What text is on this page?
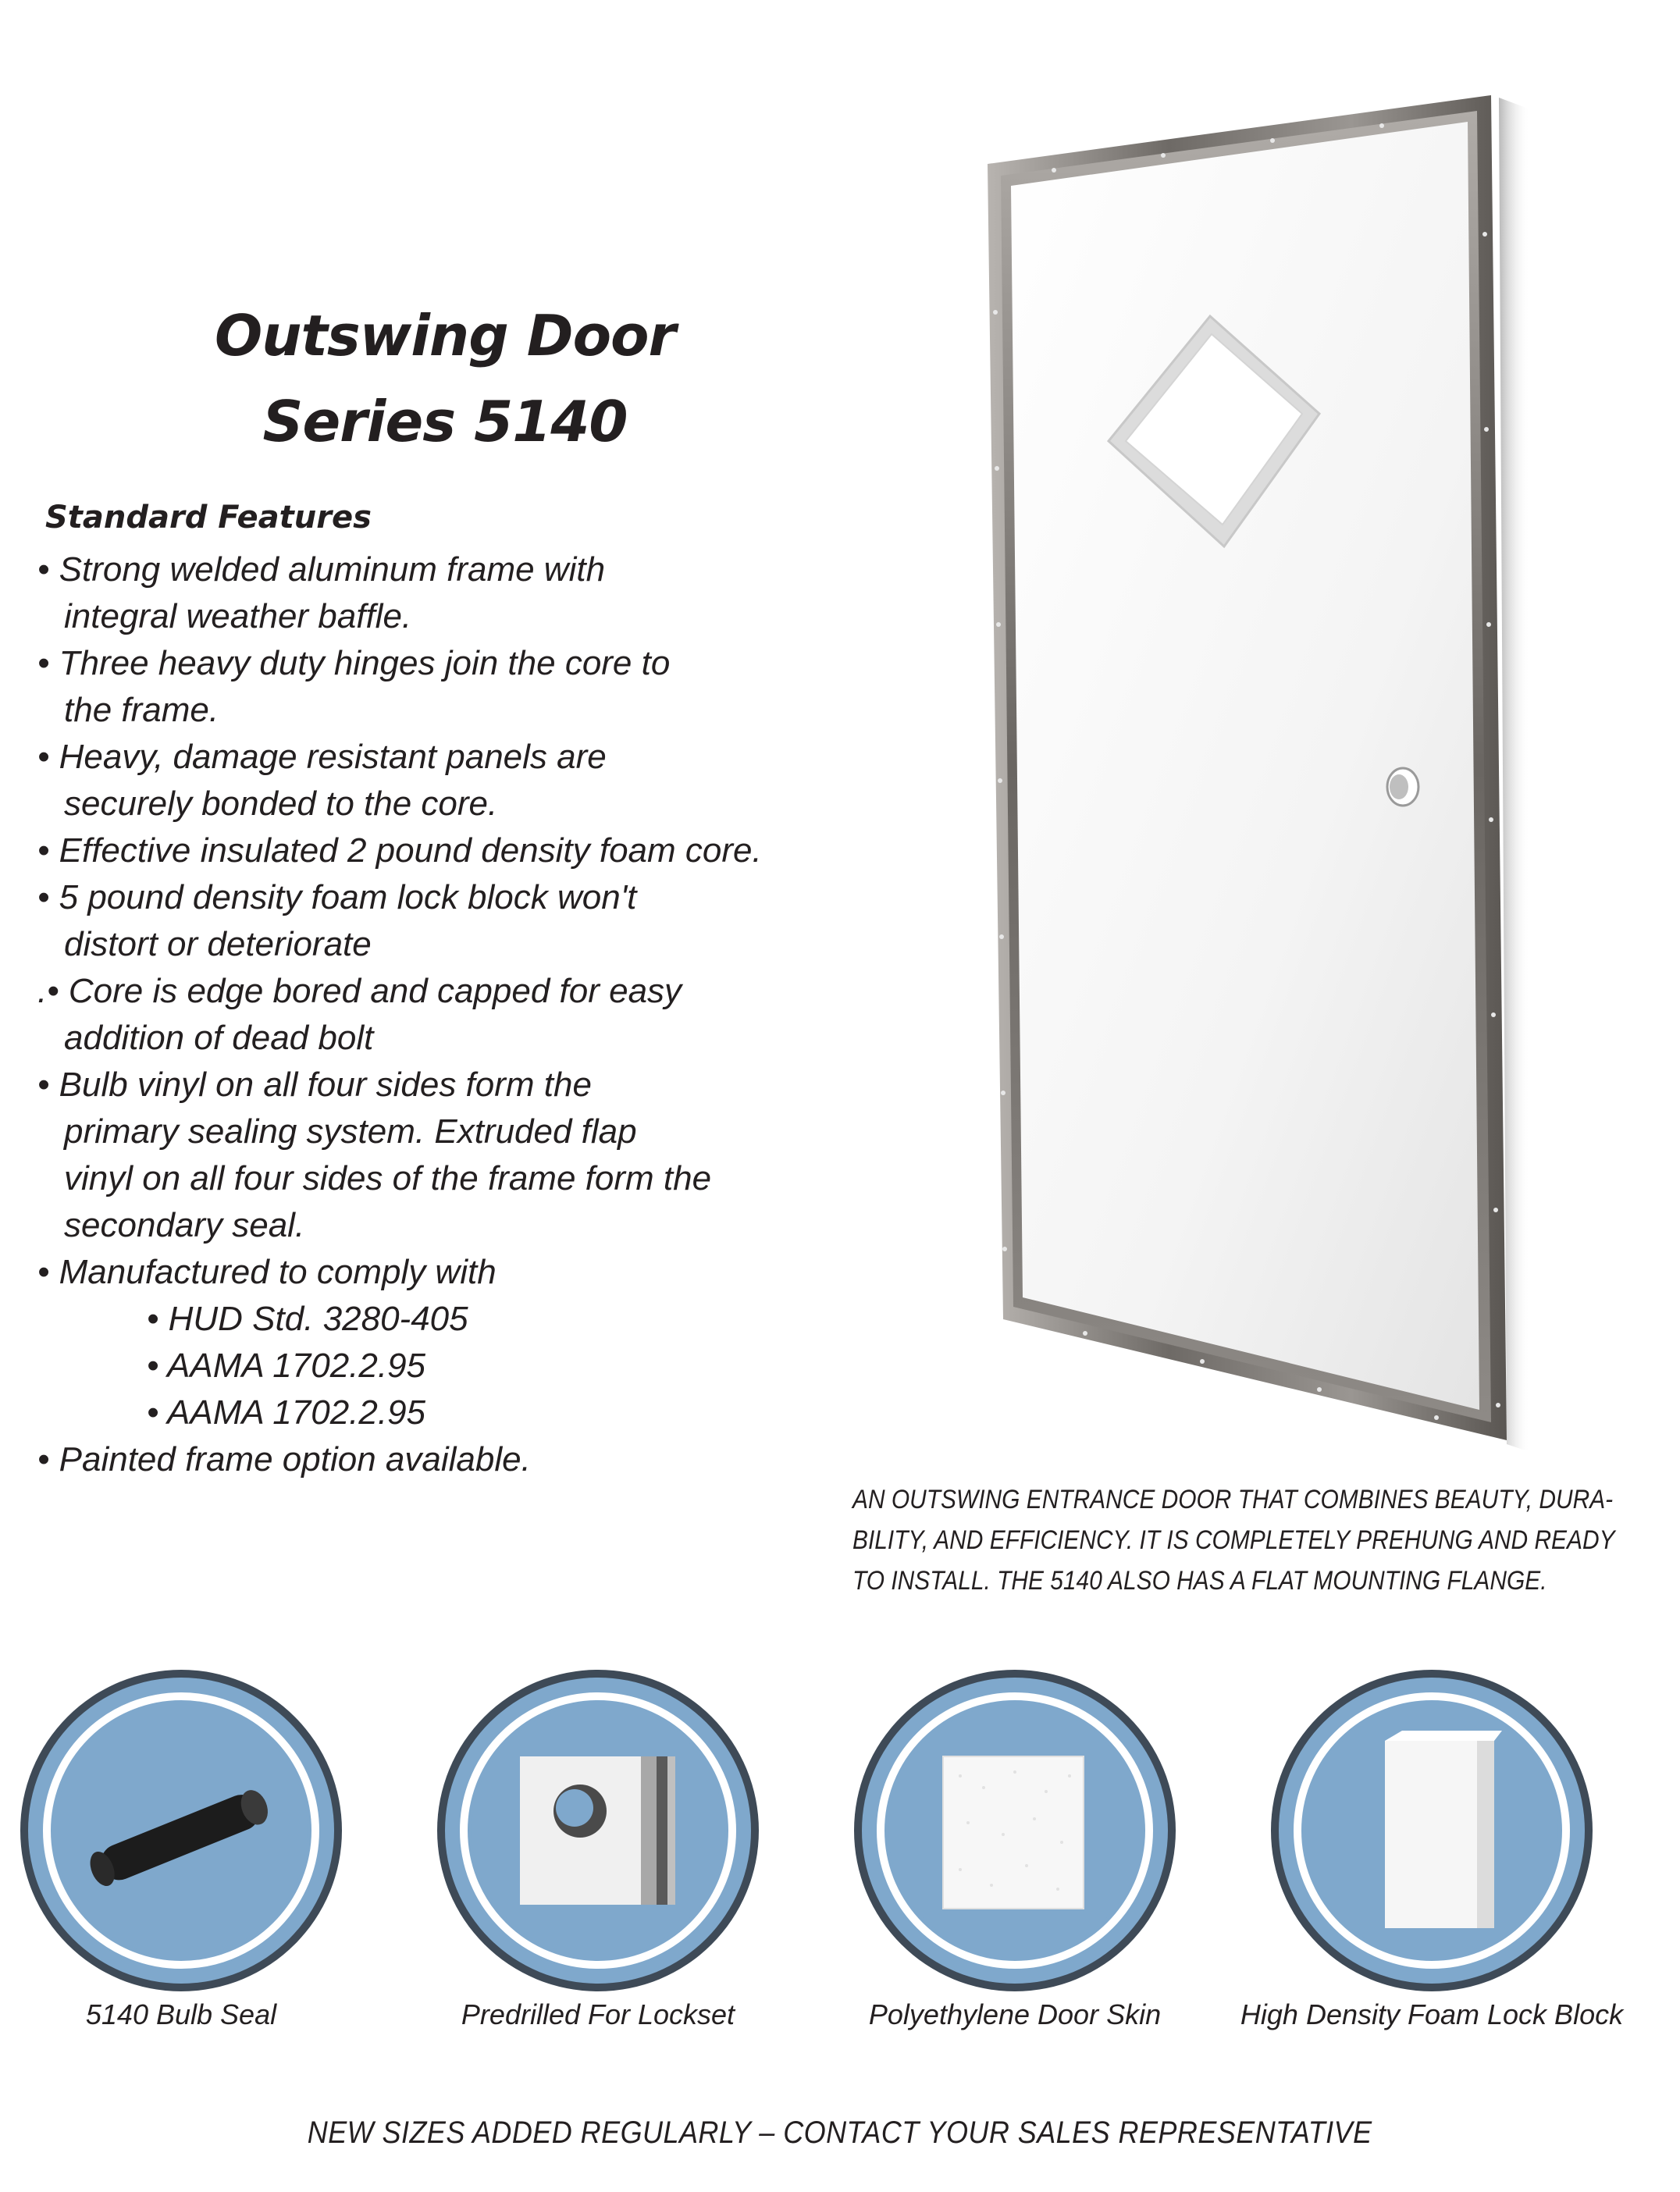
Outswing Door
Series 5140
Standard Features
• Strong welded aluminum frame with
integral weather baffle.
• Three heavy duty hinges join the core to
the frame.
• Heavy, damage resistant panels are
securely bonded to the core.
• Effective insulated 2 pound density foam core.
• 5 pound density foam lock block won't
distort or deteriorate
.• Core is edge bored and capped for easy
addition of dead bolt
• Bulb vinyl on all four sides form the
primary sealing system. Extruded flap
vinyl on all four sides of the frame form the
secondary seal.
• Manufactured to comply with
• HUD Std. 3280-405
• AAMA 1702.2.95
• AAMA 1702.2.95
• Painted frame option available.
AN OUTSWING ENTRANCE DOOR THAT COMBINES BEAUTY, DURA-
BILITY, AND EFFICIENCY. IT IS COMPLETELY PREHUNG AND READY
TO INSTALL. THE 5140 ALSO HAS A FLAT MOUNTING FLANGE.
5140 Bulb Seal	Predrilled For Lockset	Polyethylene Door Skin	High Density Foam Lock Block
NEW SIZES ADDED REGULARLY – CONTACT YOUR SALES REPRESENTATIVE
